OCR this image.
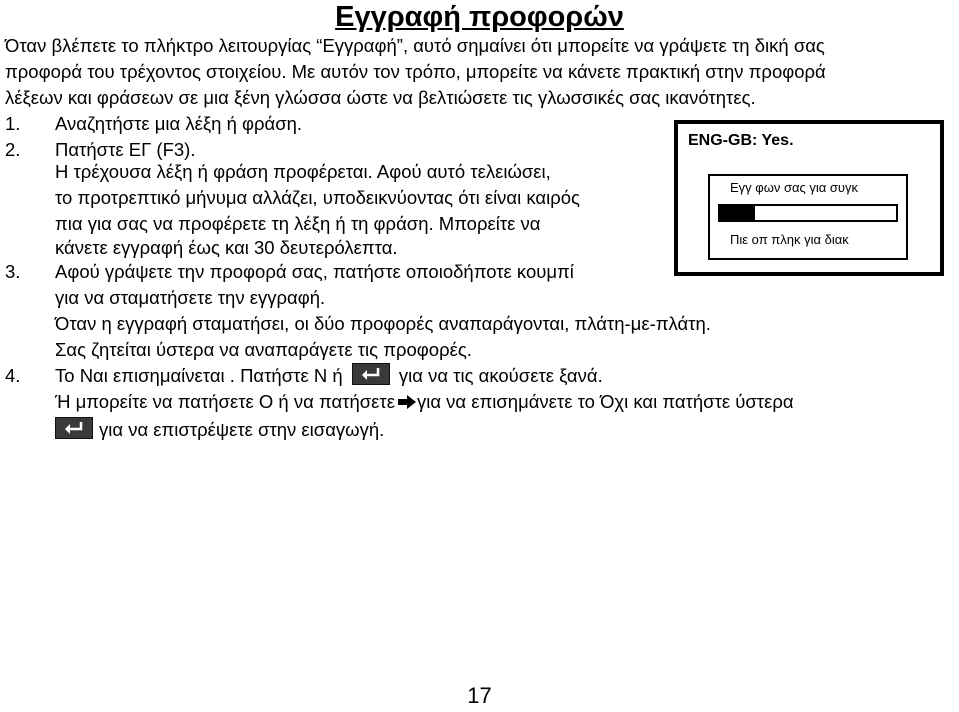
Εγγραφή προφορών
Όταν βλέπετε το πλήκτρο λειτουργίας “Εγγραφή”, αυτό σημαίνει ότι μπορείτε να γράψετε τη δική σας
προφορά του τρέχοντος στοιχείου. Με αυτόν τον τρόπο, μπορείτε να κάνετε πρακτική στην προφορά
λέξεων και φράσεων σε μια ξένη γλώσσα ώστε να βελτιώσετε τις γλωσσικές σας ικανότητες.
1. Αναζητήστε μια λέξη ή φράση.
2. Πατήστε ΕΓ (F3).
Η τρέχουσα λέξη ή φράση προφέρεται. Αφού αυτό τελειώσει,
το προτρεπτικό μήνυμα αλλάζει, υποδεικνύοντας ότι είναι καιρός
πια για σας να προφέρετε τη λέξη ή τη φράση. Μπορείτε να
κάνετε εγγραφή έως και 30 δευτερόλεπτα.
3. Αφού γράψετε την προφορά σας, πατήστε οποιοδήποτε κουμπί
για να σταματήσετε την εγγραφή.
Όταν η εγγραφή σταματήσει, οι δύο προφορές αναπαράγονται, πλάτη-με-πλάτη.
Σας ζητείται ύστερα να αναπαράγετε τις προφορές.
4. Το Ναι επισημαίνεται . Πατήστε Ν ή	για να τις ακούσετε ξανά.
Ή μπορείτε να πατήσετε Ο ή να πατήσετε για να επισημάνετε το Όχι και πατήστε ύστερα
για να επιστρέψετε στην εισαγωγή.
ENG-GB: Yes.
Εγγ φων σας για συγκ
Πιε οπ πληκ για διακ
17
